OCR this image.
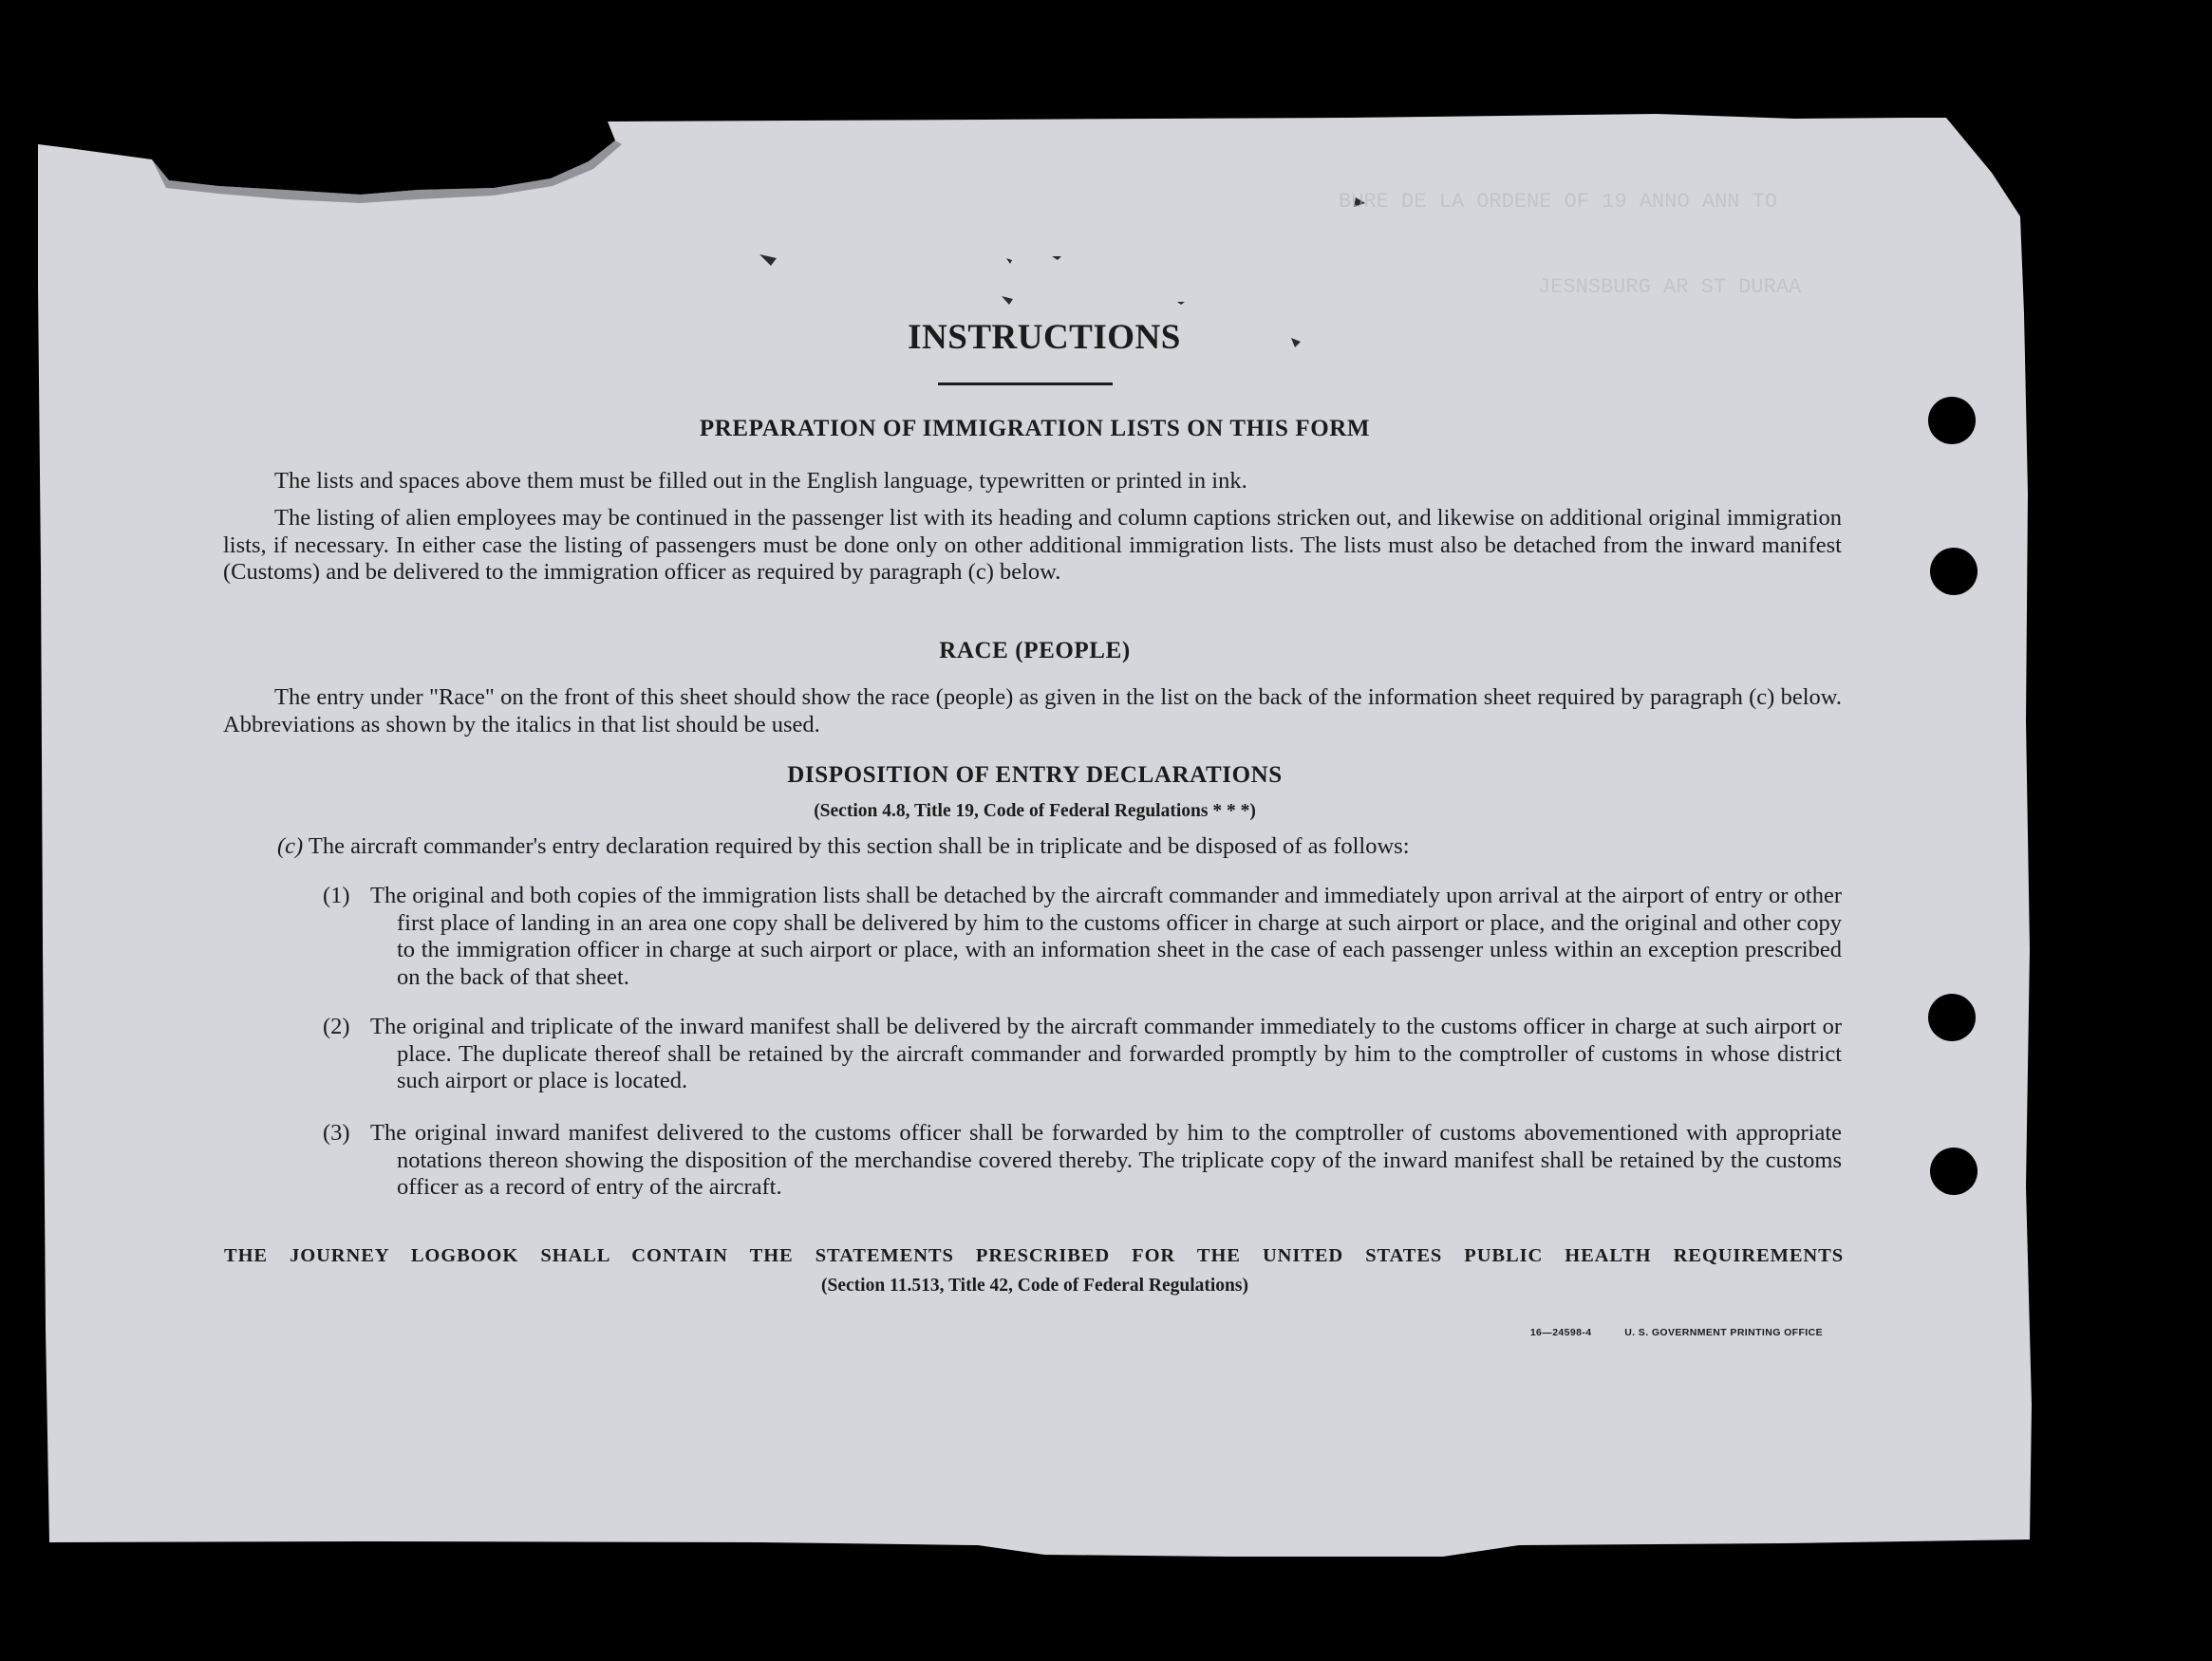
BURE DE LA ORDENE OF 19 ANNO ANN TO
JESNSBURG AR ST DURAA
INSTRUCTIONS
PREPARATION OF IMMIGRATION LISTS ON THIS FORM
The lists and spaces above them must be filled out in the English language, typewritten or printed in ink.
The listing of alien employees may be continued in the passenger list with its heading and column captions stricken out, and likewise on additional original immigration lists, if necessary. In either case the listing of passengers must be done only on other additional immigration lists. The lists must also be detached from the inward manifest (Customs) and be delivered to the immigration officer as required by paragraph (c) below.
RACE (PEOPLE)
The entry under "Race" on the front of this sheet should show the race (people) as given in the list on the back of the information sheet required by paragraph (c) below. Abbreviations as shown by the italics in that list should be used.
DISPOSITION OF ENTRY DECLARATIONS
(Section 4.8, Title 19, Code of Federal Regulations * * *)
(c) The aircraft commander's entry declaration required by this section shall be in triplicate and be disposed of as follows:
(1) The original and both copies of the immigration lists shall be detached by the aircraft commander and immediately upon arrival at the airport of entry or other first place of landing in an area one copy shall be delivered by him to the customs officer in charge at such airport or place, and the original and other copy to the immigration officer in charge at such airport or place, with an information sheet in the case of each passenger unless within an exception prescribed on the back of that sheet.
(2) The original and triplicate of the inward manifest shall be delivered by the aircraft commander immediately to the customs officer in charge at such airport or place. The duplicate thereof shall be retained by the aircraft commander and forwarded promptly by him to the comptroller of customs in whose district such airport or place is located.
(3) The original inward manifest delivered to the customs officer shall be forwarded by him to the comptroller of customs abovementioned with appropriate notations thereon showing the disposition of the merchandise covered thereby. The triplicate copy of the inward manifest shall be retained by the customs officer as a record of entry of the aircraft.
THE JOURNEY LOGBOOK SHALL CONTAIN THE STATEMENTS PRESCRIBED FOR THE UNITED STATES PUBLIC HEALTH REQUIREMENTS
(Section 11.513, Title 42, Code of Federal Regulations)
16—24598-4	U. S. GOVERNMENT PRINTING OFFICE
